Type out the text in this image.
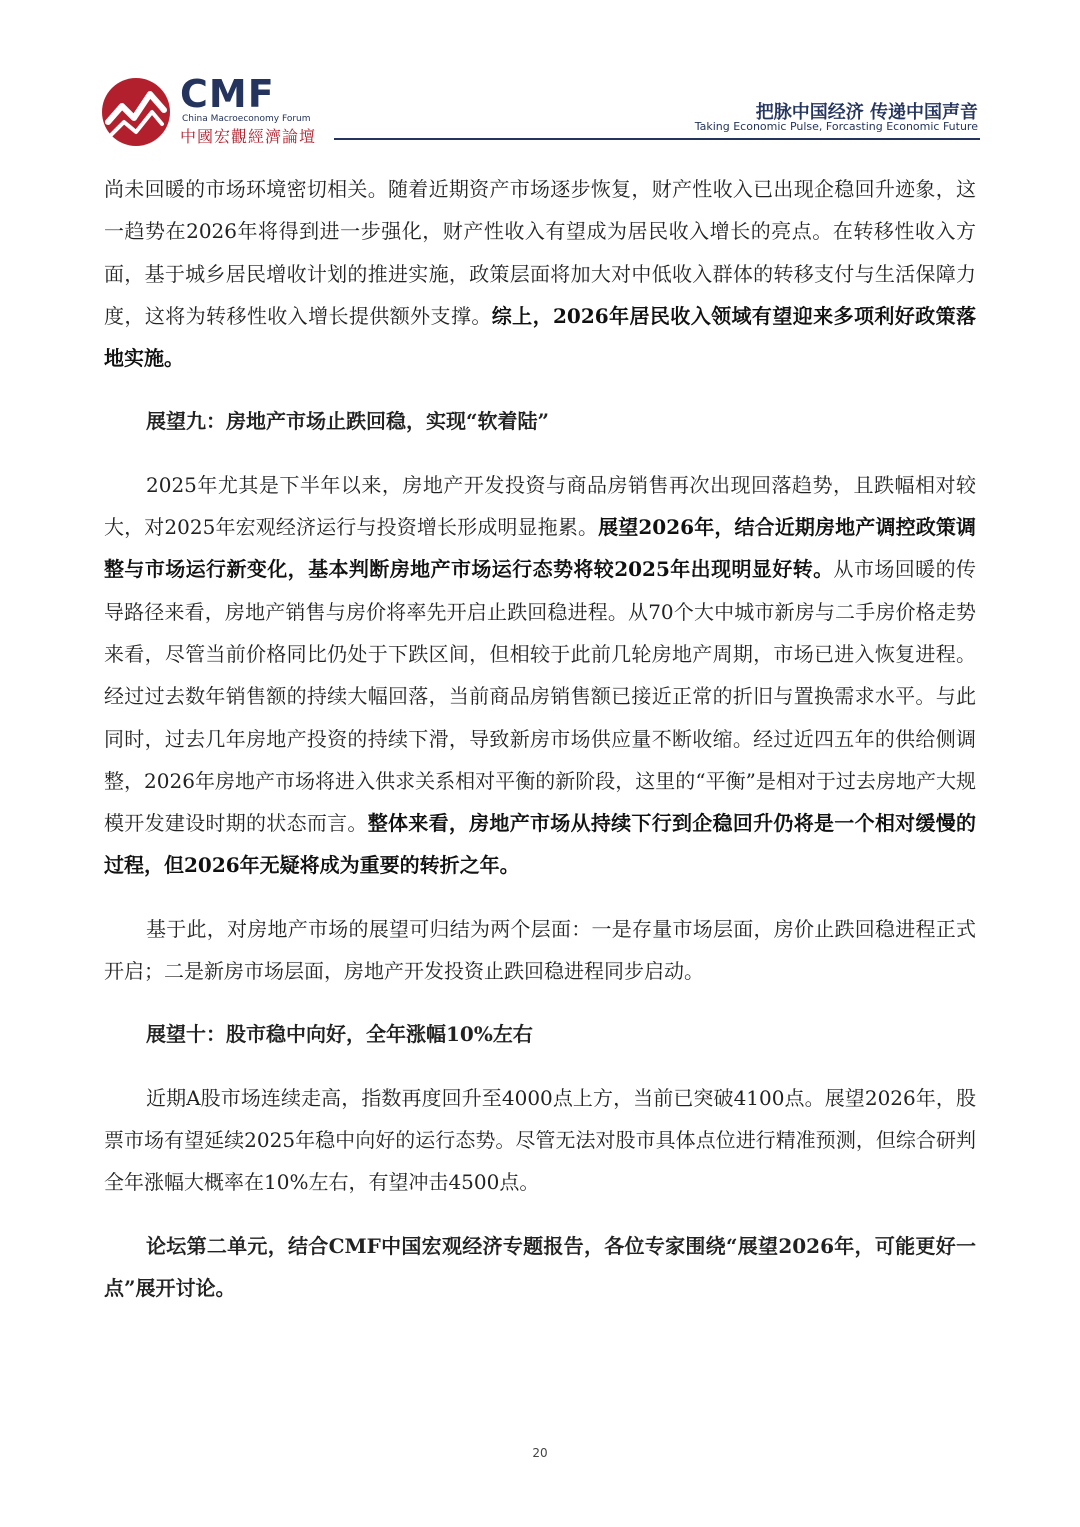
CMF
China Macroeconomy Forum
中國宏觀經濟論壇
把脉中国经济 传递中国声音
Taking Economic Pulse, Forcasting Economic Future

尚未回暖的市场环境密切相关。随着近期资产市场逐步恢复，财产性收入已出现企稳回升迹象，这一趋势在2026年将得到进一步强化，财产性收入有望成为居民收入增长的亮点。在转移性收入方面，基于城乡居民增收计划的推进实施，政策层面将加大对中低收入群体的转移支付与生活保障力度，这将为转移性收入增长提供额外支撑。综上，2026年居民收入领域有望迎来多项利好政策落地实施。

展望九：房地产市场止跌回稳，实现“软着陆”

2025年尤其是下半年以来，房地产开发投资与商品房销售再次出现回落趋势，且跌幅相对较大，对2025年宏观经济运行与投资增长形成明显拖累。展望2026年，结合近期房地产调控政策调整与市场运行新变化，基本判断房地产市场运行态势将较2025年出现明显好转。从市场回暖的传导路径来看，房地产销售与房价将率先开启止跌回稳进程。从70个大中城市新房与二手房价格走势来看，尽管当前价格同比仍处于下跌区间，但相较于此前几轮房地产周期，市场已进入恢复进程。经过过去数年销售额的持续大幅回落，当前商品房销售额已接近正常的折旧与置换需求水平。与此同时，过去几年房地产投资的持续下滑，导致新房市场供应量不断收缩。经过近四五年的供给侧调整，2026年房地产市场将进入供求关系相对平衡的新阶段，这里的“平衡”是相对于过去房地产大规模开发建设时期的状态而言。整体来看，房地产市场从持续下行到企稳回升仍将是一个相对缓慢的过程，但2026年无疑将成为重要的转折之年。

基于此，对房地产市场的展望可归结为两个层面：一是存量市场层面，房价止跌回稳进程正式开启；二是新房市场层面，房地产开发投资止跌回稳进程同步启动。

展望十：股市稳中向好，全年涨幅10%左右

近期A股市场连续走高，指数再度回升至4000点上方，当前已突破4100点。展望2026年，股票市场有望延续2025年稳中向好的运行态势。尽管无法对股市具体点位进行精准预测，但综合研判全年涨幅大概率在10%左右，有望冲击4500点。

论坛第二单元，结合CMF中国宏观经济专题报告，各位专家围绕“展望2026年，可能更好一点”展开讨论。

20
